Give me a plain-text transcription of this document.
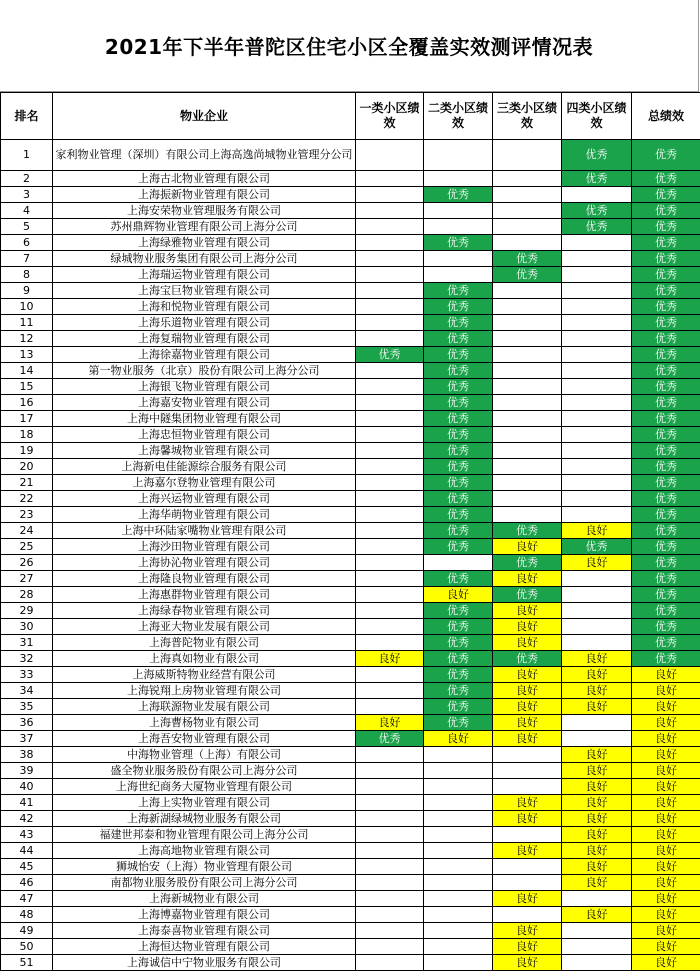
2021年下半年普陀区住宅小区全覆盖实效测评情况表
排名	物业企业	一类小区绩效	二类小区绩效	三类小区绩效	四类小区绩效	总绩效
1	家利物业管理（深圳）有限公司上海高逸尚城物业管理分公司				优秀	优秀
2	上海古北物业管理有限公司				优秀	优秀
3	上海振新物业管理有限公司		优秀			优秀
4	上海安荣物业管理服务有限公司				优秀	优秀
5	苏州鼎辉物业管理有限公司上海分公司				优秀	优秀
6	上海绿雅物业管理有限公司		优秀			优秀
7	绿城物业服务集团有限公司上海分公司			优秀		优秀
8	上海瑞运物业管理有限公司			优秀		优秀
9	上海宝巨物业管理有限公司		优秀			优秀
10	上海和悦物业管理有限公司		优秀			优秀
11	上海乐道物业管理有限公司		优秀			优秀
12	上海复瑞物业管理有限公司		优秀			优秀
13	上海徐嘉物业管理有限公司	优秀	优秀			优秀
14	第一物业服务（北京）股份有限公司上海分公司		优秀			优秀
15	上海银飞物业管理有限公司		优秀			优秀
16	上海嘉安物业管理有限公司		优秀			优秀
17	上海中隧集团物业管理有限公司		优秀			优秀
18	上海忠恒物业管理有限公司		优秀			优秀
19	上海馨城物业管理有限公司		优秀			优秀
20	上海新电佳能源综合服务有限公司		优秀			优秀
21	上海嘉尔登物业管理有限公司		优秀			优秀
22	上海兴运物业管理有限公司		优秀			优秀
23	上海华萌物业管理有限公司		优秀			优秀
24	上海中环陆家嘴物业管理有限公司		优秀	优秀	良好	优秀
25	上海沙田物业管理有限公司		优秀	良好	优秀	优秀
26	上海协沁物业管理有限公司			优秀	良好	优秀
27	上海隆良物业管理有限公司		优秀	良好		优秀
28	上海惠群物业管理有限公司		良好	优秀		优秀
29	上海绿春物业管理有限公司		优秀	良好		优秀
30	上海亚大物业发展有限公司		优秀	良好		优秀
31	上海普陀物业有限公司		优秀	良好		优秀
32	上海真如物业有限公司	良好	优秀	优秀	良好	优秀
33	上海威斯特物业经营有限公司		优秀	良好	良好	良好
34	上海锐翔上房物业管理有限公司		优秀	良好	良好	良好
35	上海联源物业发展有限公司		优秀	良好	良好	良好
36	上海曹杨物业有限公司	良好	优秀	良好		良好
37	上海吾安物业管理有限公司	优秀	良好	良好		良好
38	中海物业管理（上海）有限公司				良好	良好
39	盛全物业服务股份有限公司上海分公司				良好	良好
40	上海世纪商务大厦物业管理有限公司				良好	良好
41	上海上实物业管理有限公司			良好	良好	良好
42	上海新湖绿城物业服务有限公司			良好	良好	良好
43	福建世邦泰和物业管理有限公司上海分公司				良好	良好
44	上海高地物业管理有限公司			良好	良好	良好
45	狮城怡安（上海）物业管理有限公司				良好	良好
46	南都物业服务股份有限公司上海分公司				良好	良好
47	上海新城物业有限公司			良好		良好
48	上海博嘉物业管理有限公司				良好	良好
49	上海泰喜物业管理有限公司			良好		良好
50	上海恒达物业管理有限公司			良好		良好
51	上海诚信中宁物业服务有限公司			良好		良好
